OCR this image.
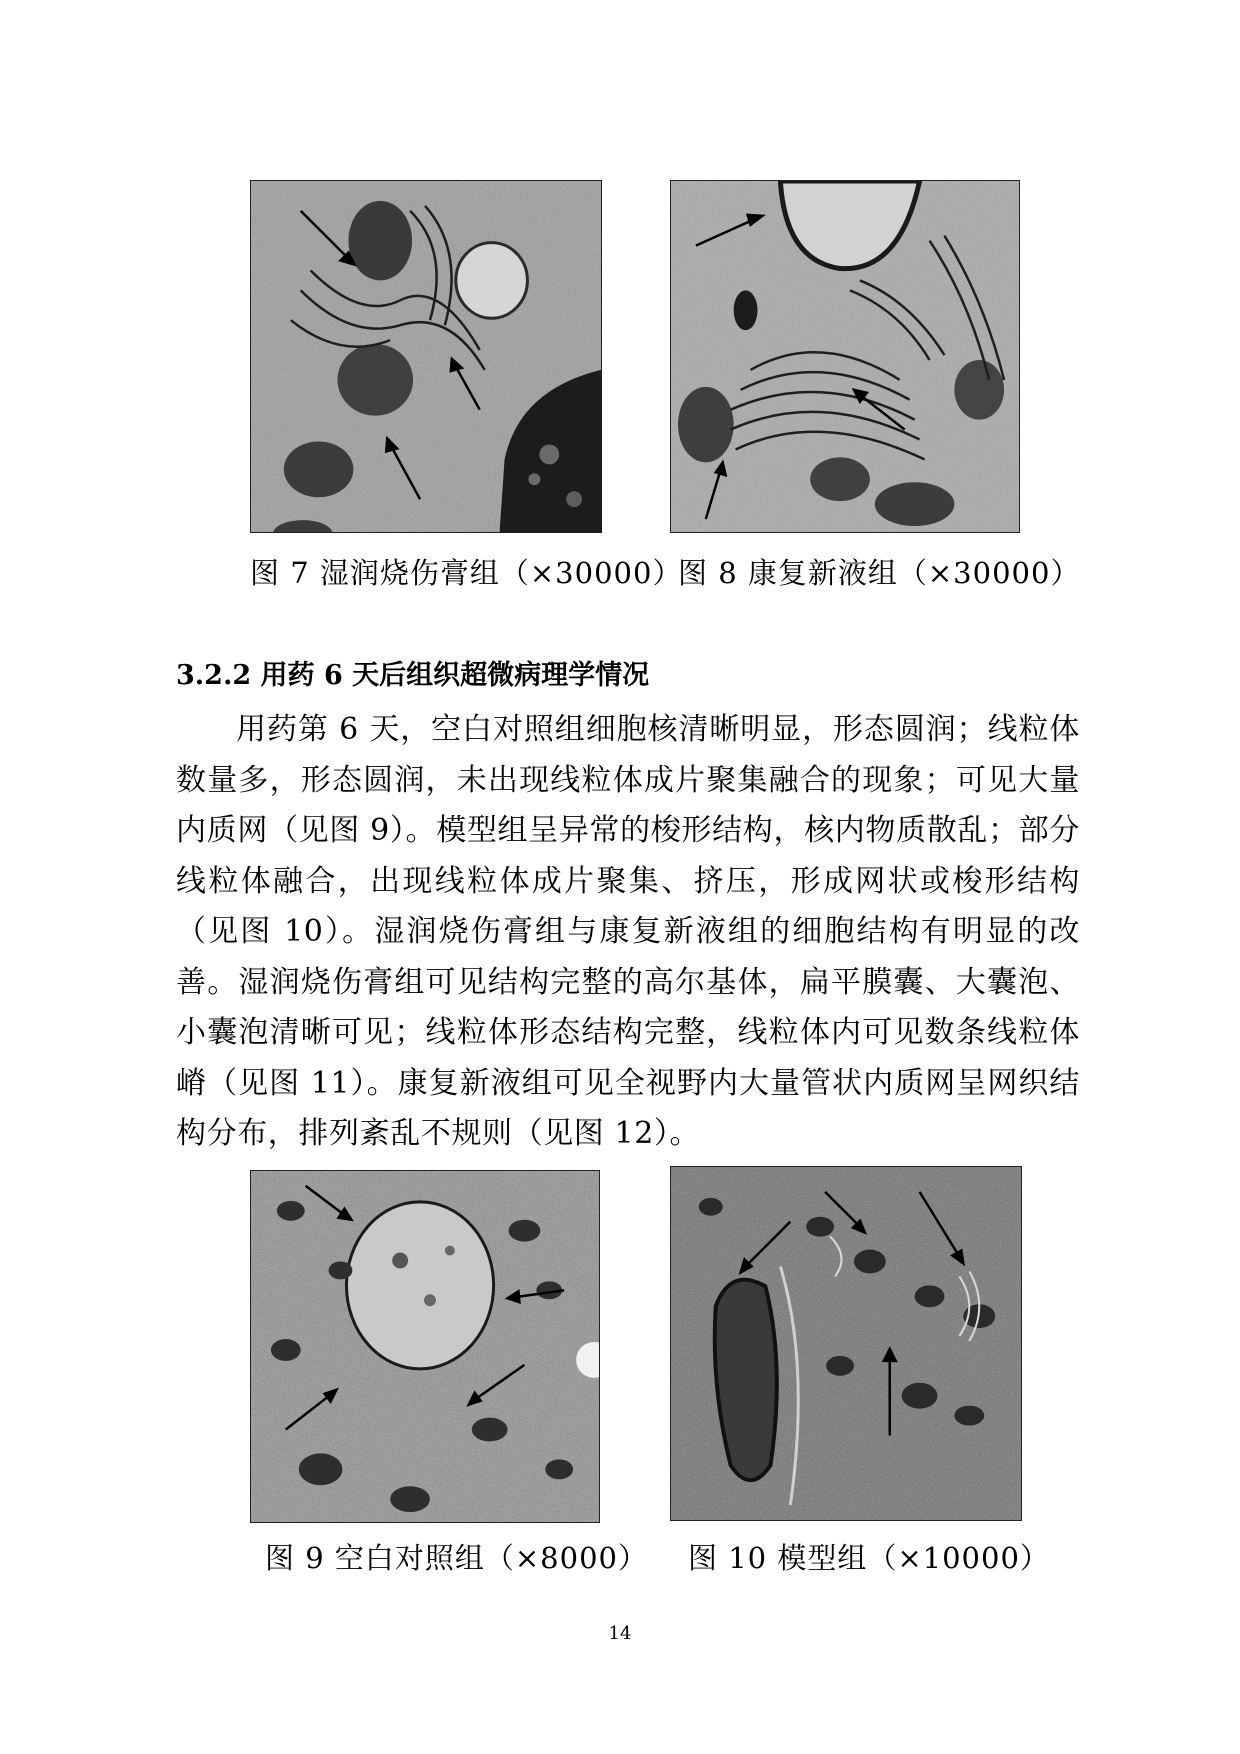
图 7 湿润烧伤膏组（×30000）
图 8 康复新液组（×30000）
3.2.2 用药 6 天后组织超微病理学情况

用药第 6 天，空白对照组细胞核清晰明显，形态圆润；线粒体数量多，形态圆润，未出现线粒体成片聚集融合的现象；可见大量内质网（见图 9）。模型组呈异常的梭形结构，核内物质散乱；部分线粒体融合，出现线粒体成片聚集、挤压，形成网状或梭形结构（见图 10）。湿润烧伤膏组与康复新液组的细胞结构有明显的改善。湿润烧伤膏组可见结构完整的高尔基体，扁平膜囊、大囊泡、小囊泡清晰可见；线粒体形态结构完整，线粒体内可见数条线粒体嵴（见图 11）。康复新液组可见全视野内大量管状内质网呈网织结构分布，排列紊乱不规则（见图 12）。

图 9 空白对照组（×8000） 图 10 模型组（×10000）
14
